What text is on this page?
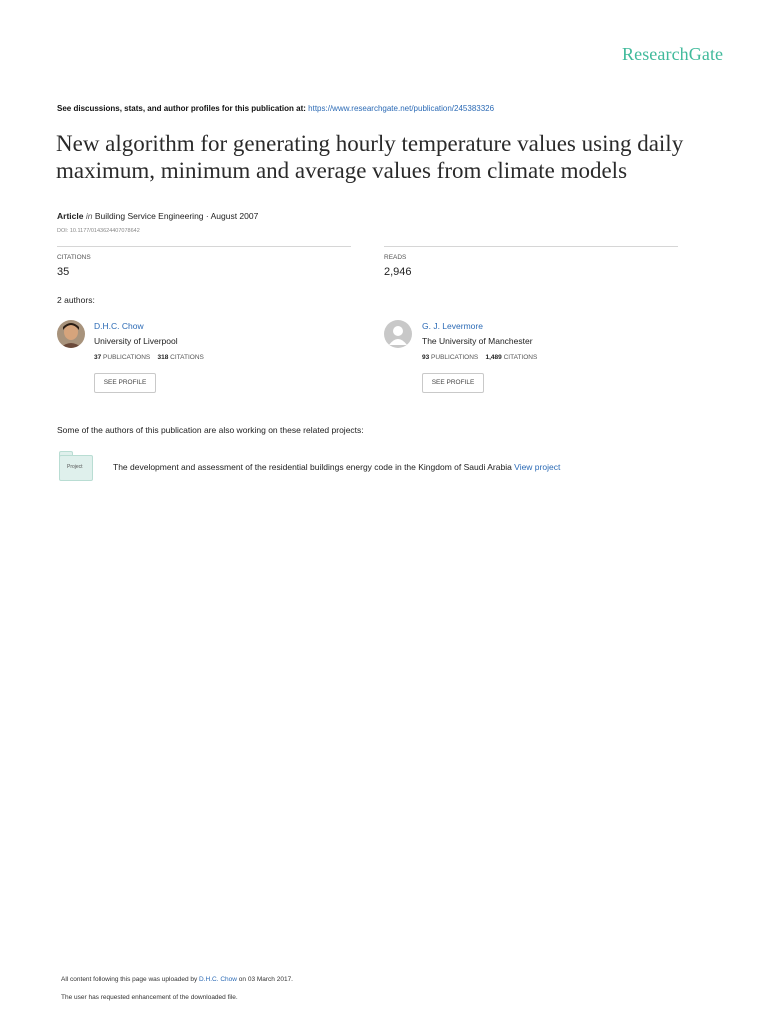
ResearchGate
See discussions, stats, and author profiles for this publication at: https://www.researchgate.net/publication/245383326
New algorithm for generating hourly temperature values using daily
maximum, minimum and average values from climate models
Article in Building Service Engineering · August 2007
DOI: 10.1177/0143624407078642
CITATIONS
35
READS
2,946
2 authors:
D.H.C. Chow
University of Liverpool
37 PUBLICATIONS 318 CITATIONS
SEE PROFILE
G. J. Levermore
The University of Manchester
93 PUBLICATIONS 1,489 CITATIONS
SEE PROFILE
Some of the authors of this publication are also working on these related projects:
Project	The development and assessment of the residential buildings energy code in the Kingdom of Saudi Arabia View project
All content following this page was uploaded by D.H.C. Chow on 03 March 2017.
The user has requested enhancement of the downloaded file.
